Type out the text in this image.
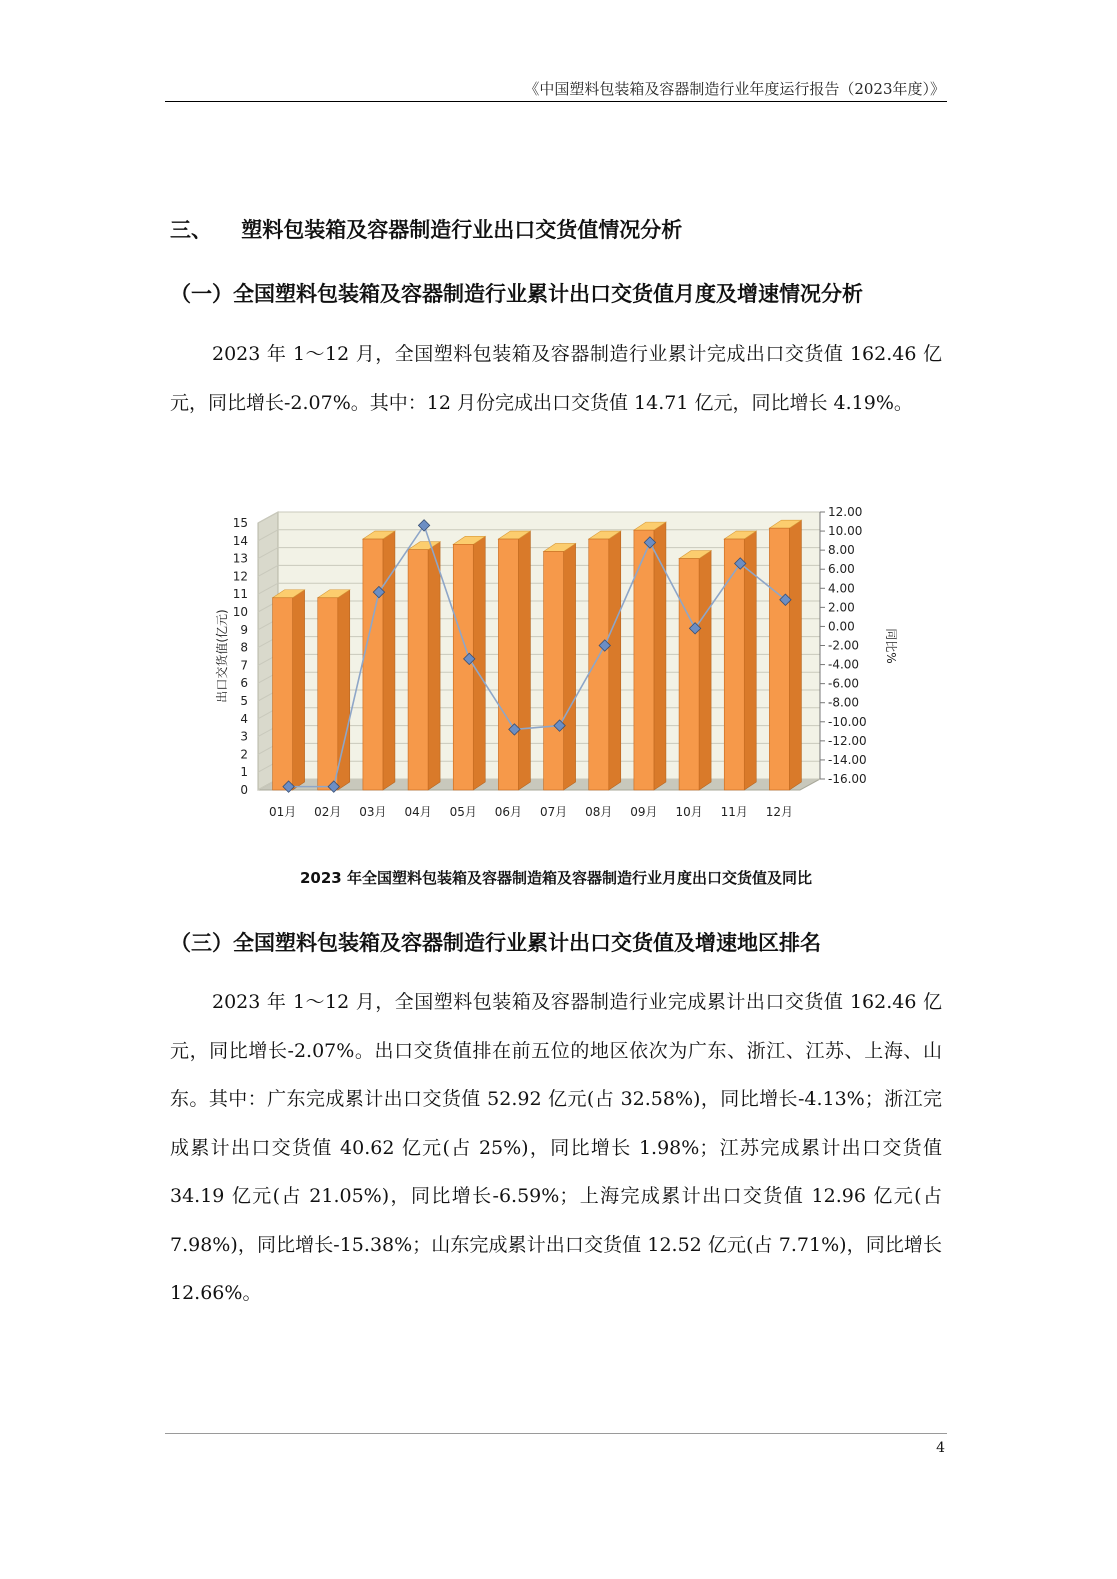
《中国塑料包装箱及容器制造行业年度运行报告（2023年度）》
三、    塑料包装箱及容器制造行业出口交货值情况分析
（一）全国塑料包装箱及容器制造行业累计出口交货值月度及增速情况分析
2023 年 1～12 月，全国塑料包装箱及容器制造行业累计完成出口交货值 162.46 亿元，同比增长-2.07%。其中：12 月份完成出口交货值 14.71 亿元，同比增长 4.19%。
0
1
2
3
4
5
6
7
8
9
10
11
12
13
14
15
12.00
10.00
8.00
6.00
4.00
2.00
0.00
-2.00
-4.00
-6.00
-8.00
-10.00
-12.00
-14.00
-16.00
01月 02月 03月 04月 05月 06月 07月 08月 09月 10月 11月 12月
出口交货值(亿元)	同比%
2023 年全国塑料包装箱及容器制造箱及容器制造行业月度出口交货值及同比
（三）全国塑料包装箱及容器制造行业累计出口交货值及增速地区排名
2023 年 1～12 月，全国塑料包装箱及容器制造行业完成累计出口交货值 162.46 亿元，同比增长-2.07%。出口交货值排在前五位的地区依次为广东、浙江、江苏、上海、山东。其中：广东完成累计出口交货值 52.92 亿元(占 32.58%)，同比增长-4.13%；浙江完成累计出口交货值 40.62 亿元(占 25%)，同比增长 1.98%；江苏完成累计出口交货值 34.19 亿元(占 21.05%)，同比增长-6.59%；上海完成累计出口交货值 12.96 亿元(占 7.98%)，同比增长-15.38%；山东完成累计出口交货值 12.52 亿元(占 7.71%)，同比增长 12.66%。
4
